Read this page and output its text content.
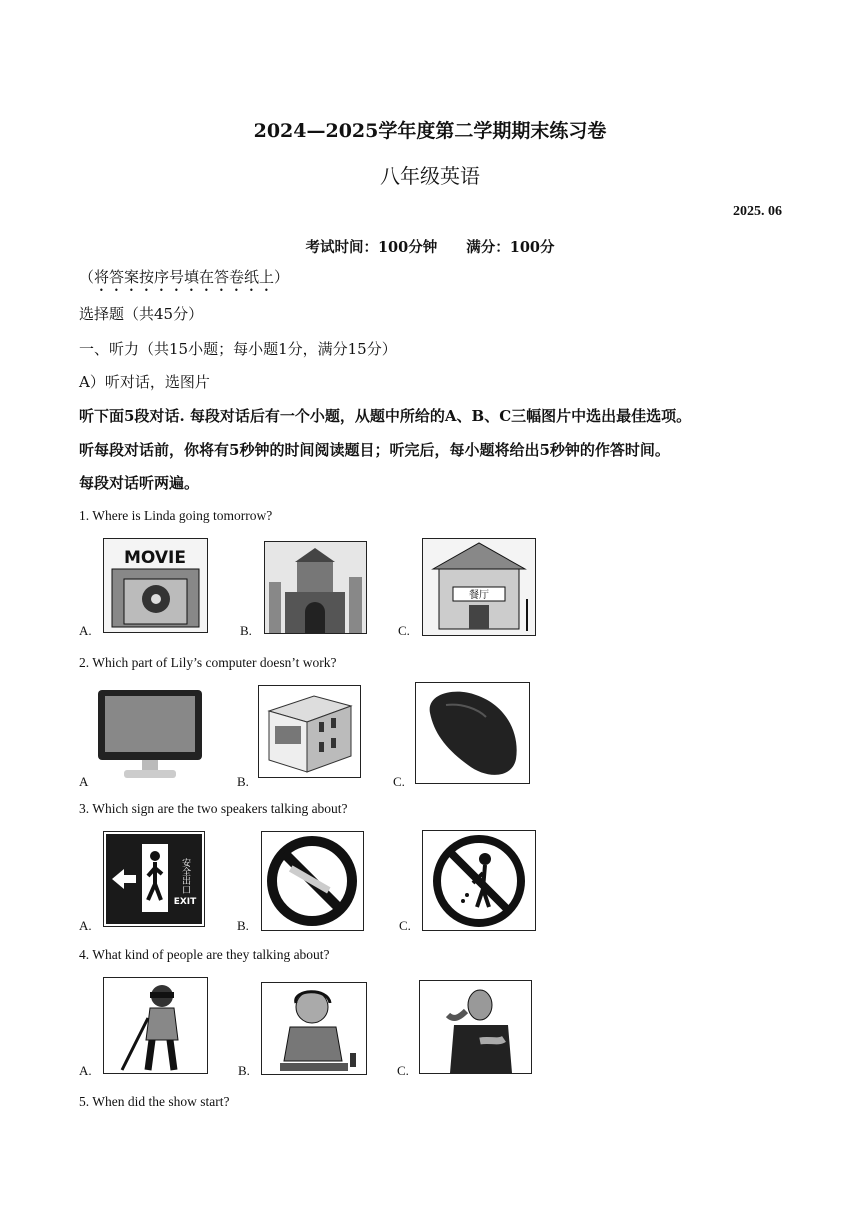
2024—2025学年度第二学期期末练习卷
八年级英语
2025. 06
考试时间：100分钟　　满分：100分
（将答案按序号填在答卷纸上）
选择题（共45分）
一、听力（共15小题；每小题1分，满分15分）
A）听对话，选图片
听下面5段对话. 每段对话后有一个小题，从题中所给的A、B、C三幅图片中选出最佳选项。
听每段对话前，你将有5秒钟的时间阅读题目；听完后，每小题将给出5秒钟的作答时间。
每段对话听两遍。
1. Where is Linda going tomorrow?
A.
MOVIE
B.	C.
餐厅
2. Which part of Lily’s computer doesn’t work?
A	B.	C.
3. Which sign are the two speakers talking about?
A.
安全出口
EXIT
B.	C.
4. What kind of people are they talking about?
A.	B.	C.
5. When did the show start?
